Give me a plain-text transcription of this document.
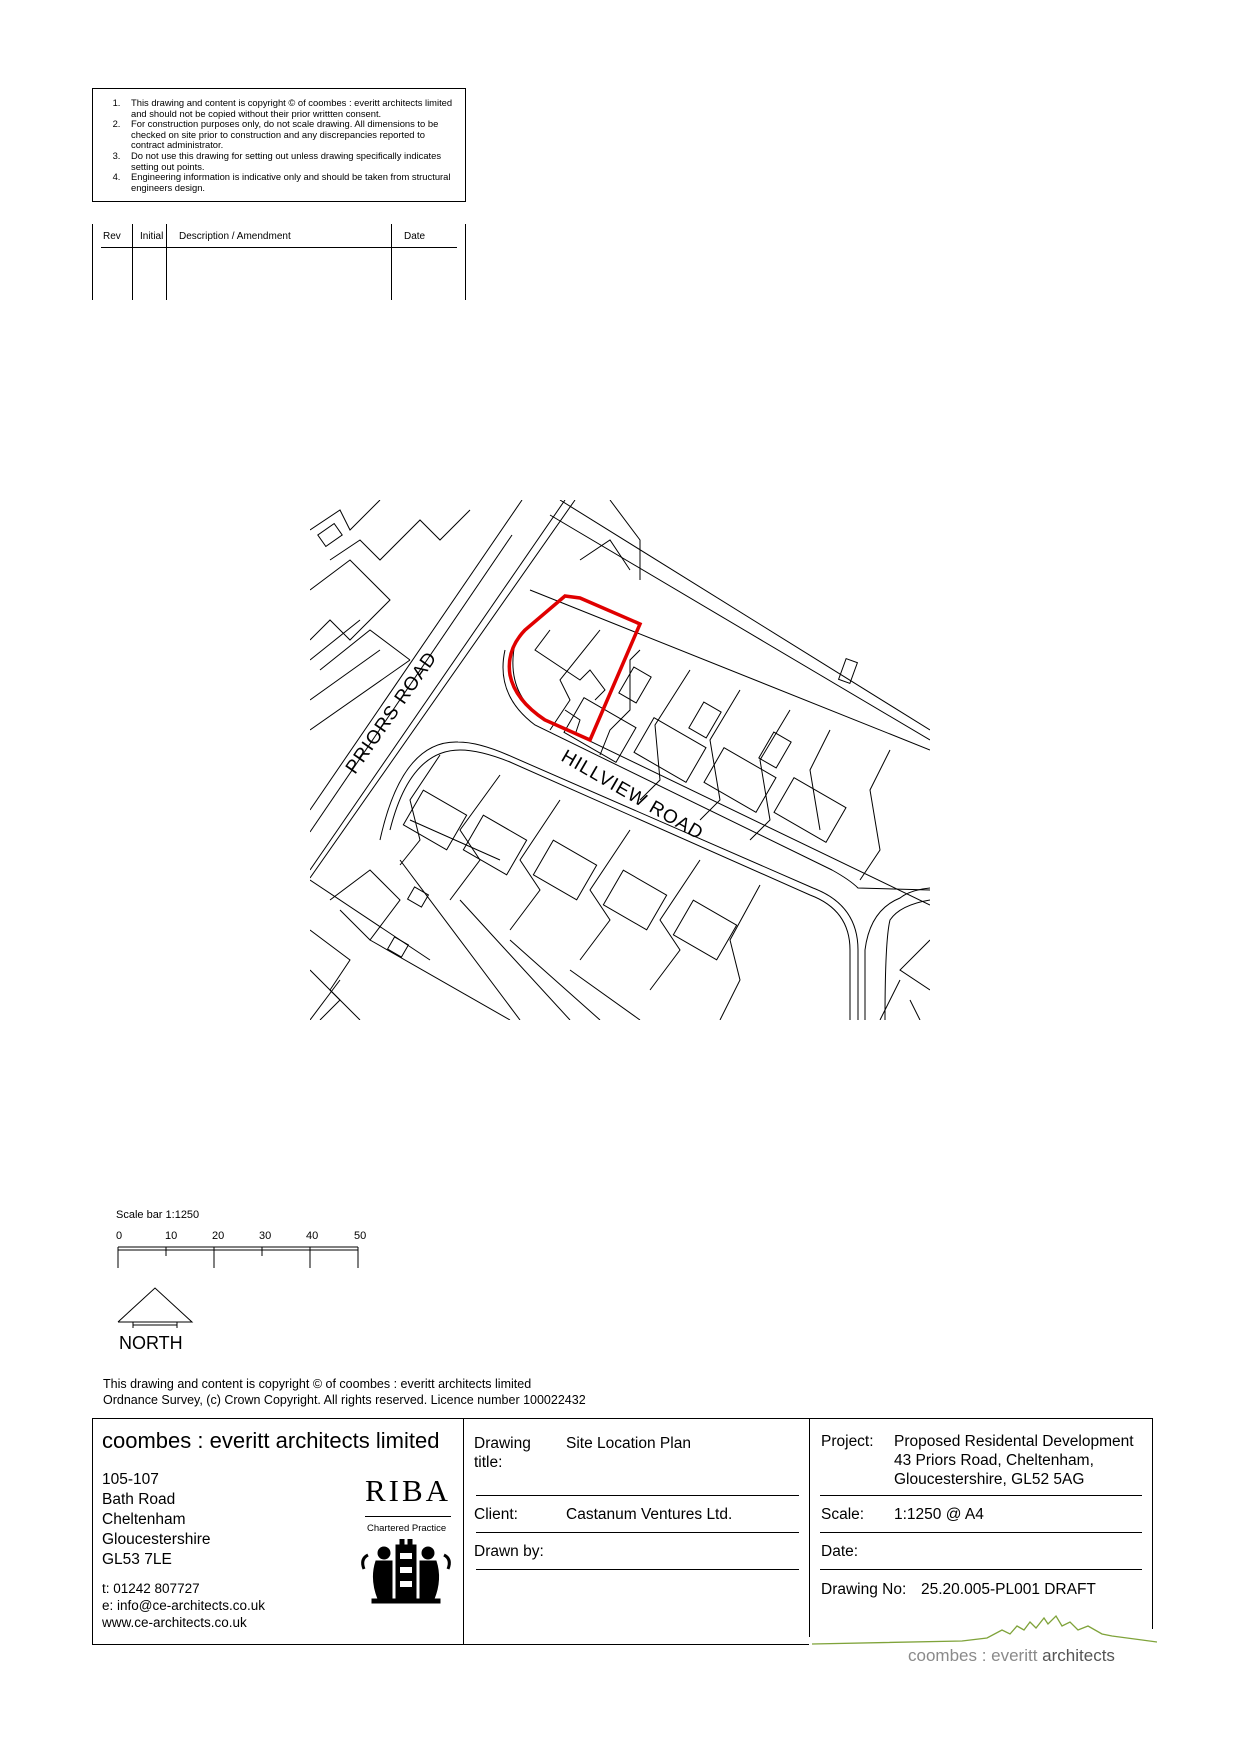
1. This drawing and content is copyright © of coombes : everitt architects limited and should not be copied without their prior writtten consent.
2. For construction purposes only, do not scale drawing. All dimensions to be checked on site prior to construction and any discrepancies reported to contract administrator.
3. Do not use this drawing for setting out unless drawing specifically indicates setting out points.
4. Engineering information is indicative only and should be taken from structural engineers design.
Rev Initial Description / Amendment	Date
PRIORS ROAD
HILLVIEW ROAD
Scale bar 1:1250
0	10	20	30	40	50
NORTH
This drawing and content is copyright © of coombes : everitt architects limited
Ordnance Survey, (c) Crown Copyright. All rights reserved. Licence number 100022432
coombes : everitt architects limited
105-107
Bath Road
Cheltenham
Gloucestershire
GL53 7LE
t: 01242 807727
e: info@ce-architects.co.uk
www.ce-architects.co.uk
RIBA
Chartered Practice
Drawing title:
Site Location Plan
Client:	Castanum Ventures Ltd.
Drawn by:
Project: Proposed Residental Development
43 Priors Road, Cheltenham,
Gloucestershire, GL52 5AG
Scale: 1:1250 @ A4
Date:
Drawing No: 25.20.005-PL001 DRAFT
coombes : everitt architects
